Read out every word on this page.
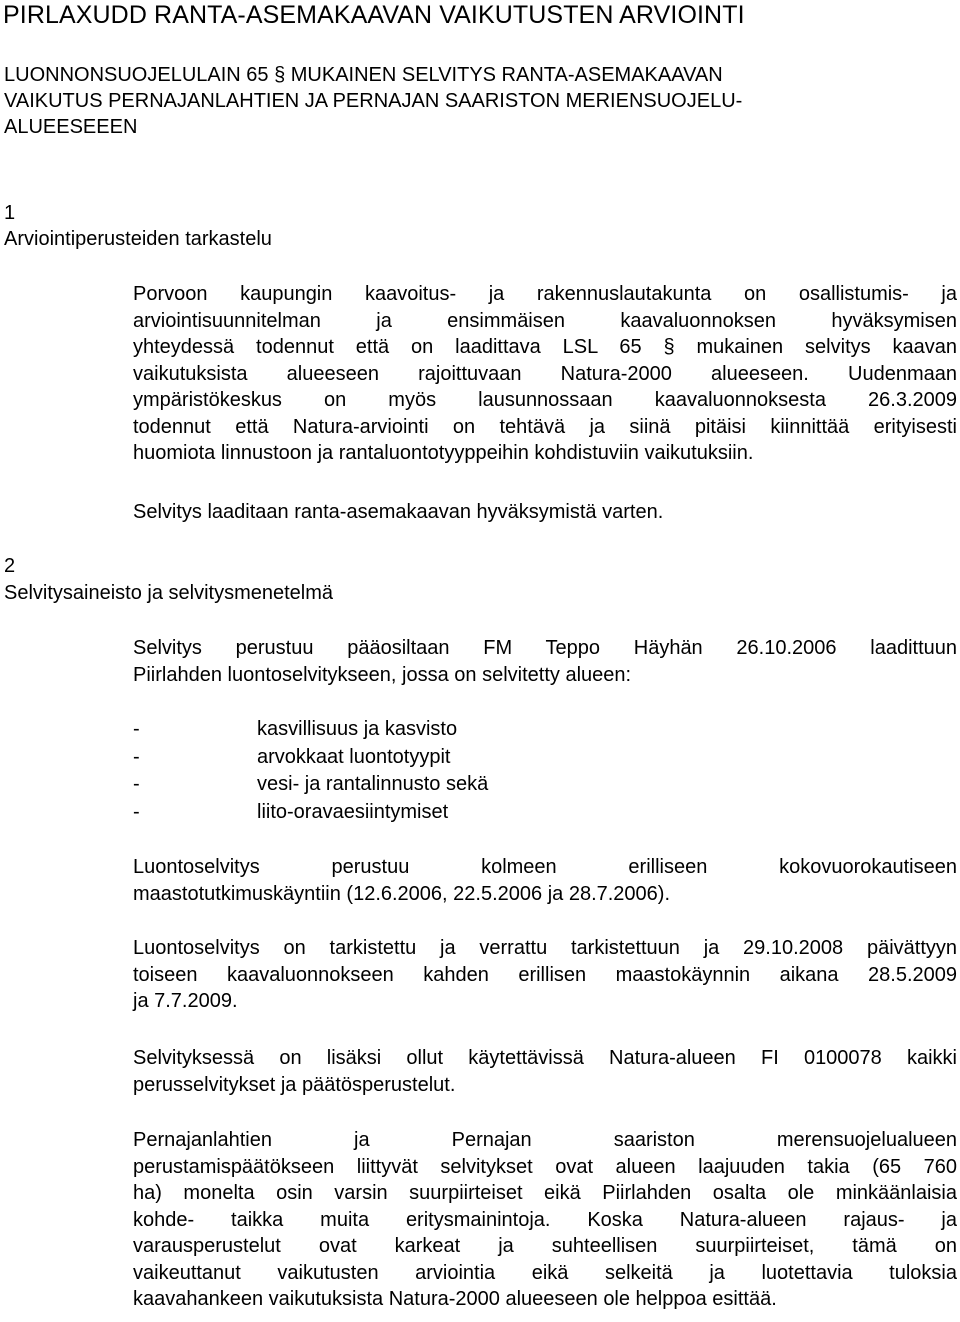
PIRLAXUDD RANTA-ASEMAKAAVAN VAIKUTUSTEN ARVIOINTI
LUONNONSUOJELULAIN 65 § MUKAINEN SELVITYS RANTA-ASEMAKAAVAN
VAIKUTUS PERNAJANLAHTIEN JA PERNAJAN SAARISTON MERIENSUOJELU-
ALUEESEEEN
1
Arviointiperusteiden tarkastelu

Porvoon kaupungin kaavoitus- ja rakennuslautakunta on osallistumis- ja
arviointisuunnitelman ja ensimmäisen kaavaluonnoksen hyväksymisen
yhteydessä todennut että on laadittava LSL 65 § mukainen selvitys kaavan
vaikutuksista alueeseen rajoittuvaan Natura-2000 alueeseen. Uudenmaan
ympäristökeskus on myös lausunnossaan kaavaluonnoksesta 26.3.2009
todennut että Natura-arviointi on tehtävä ja siinä pitäisi kiinnittää erityisesti
huomiota linnustoon ja rantaluontotyyppeihin kohdistuviin vaikutuksiin.

Selvitys laaditaan ranta-asemakaavan hyväksymistä varten.

2
Selvitysaineisto ja selvitysmenetelmä

Selvitys perustuu pääosiltaan FM Teppo Häyhän 26.10.2006 laadittuun
Piirlahden luontoselvitykseen, jossa on selvitetty alueen:

-	kasvillisuus ja kasvisto
-	arvokkaat luontotyypit
-	vesi- ja rantalinnusto sekä
-	liito-oravaesiintymiset

Luontoselvitys perustuu kolmeen erilliseen kokovuorokautiseen
maastotutkimuskäyntiin (12.6.2006, 22.5.2006 ja 28.7.2006).

Luontoselvitys on tarkistettu ja verrattu tarkistettuun ja 29.10.2008 päivättyyn
toiseen kaavaluonnokseen kahden erillisen maastokäynnin aikana 28.5.2009
ja 7.7.2009.

Selvityksessä on lisäksi ollut käytettävissä Natura-alueen FI 0100078 kaikki
perusselvitykset ja päätösperustelut.

Pernajanlahtien ja Pernajan saariston merensuojelualueen
perustamispäätökseen liittyvät selvitykset ovat alueen laajuuden takia (65 760
ha) monelta osin varsin suurpiirteiset eikä Piirlahden osalta ole minkäänlaisia
kohde- taikka muita eritysmainintoja. Koska Natura-alueen rajaus- ja
varausperustelut ovat karkeat ja suhteellisen suurpiirteiset, tämä on
vaikeuttanut vaikutusten arviointia eikä selkeitä ja luotettavia tuloksia
kaavahankeen vaikutuksista Natura-2000 alueeseen ole helppoa esittää.
